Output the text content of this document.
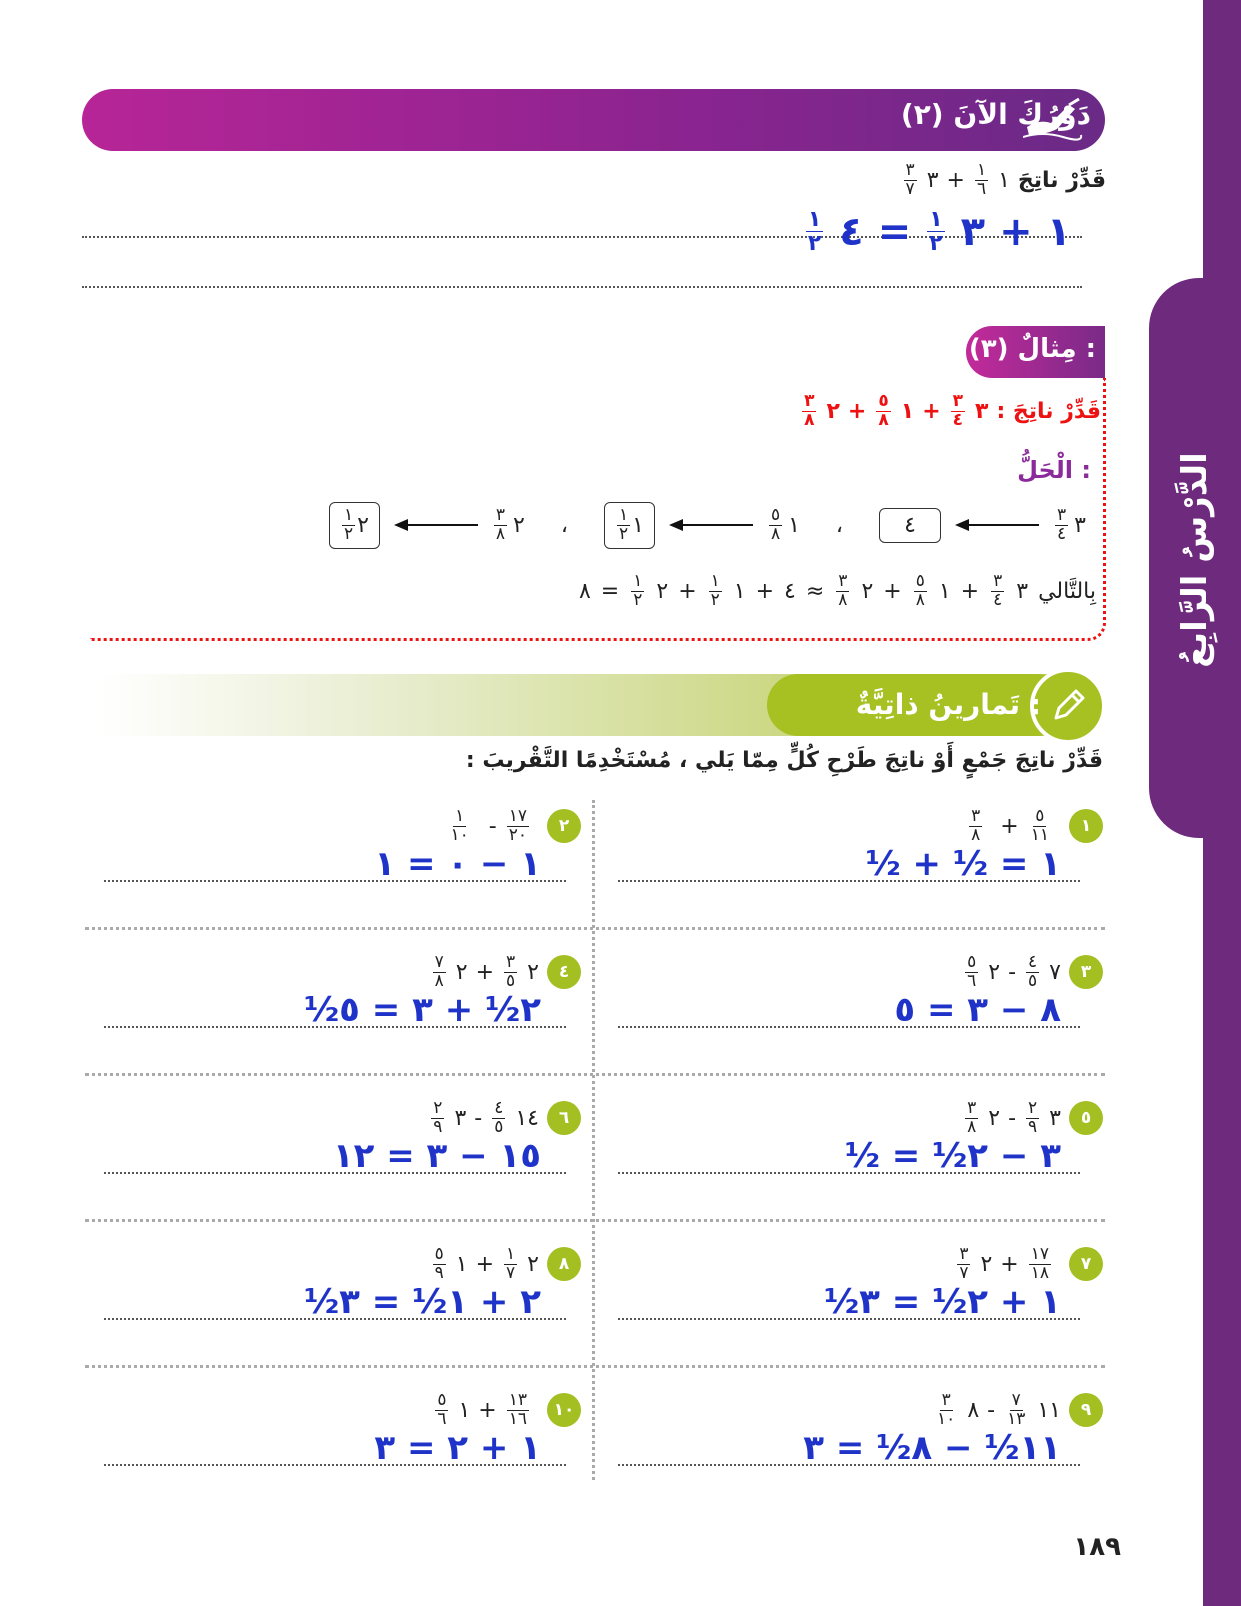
الدَّرْسُ الرَّابِعُ
دَوْرُكَ الآنَ (٢)
قَدِّرْ ناتِجَ
١
$\frac{١}{٦}$
+
٣
$\frac{٣}{٧}$
١
+
٣
$\frac{١}{٢}$
=
٤
$\frac{١}{٢}$
مِثالٌ (٣) :
قَدِّرْ ناتِجَ :
٣
$\frac{٣}{٤}$
+
١
$\frac{٥}{٨}$
+
٢
$\frac{٣}{٨}$
الْحَلُّ :
٣
$\frac{٣}{٤}$
٤
،
١
$\frac{٥}{٨}$
١
$\frac{١}{٢}$
،
٢
$\frac{٣}{٨}$
٢
$\frac{١}{٢}$
بِالتَّالي
٣
$\frac{٣}{٤}$
+
١
$\frac{٥}{٨}$
+
٢
$\frac{٣}{٨}$
≈
٤
+
١
$\frac{١}{٢}$
+
٢
$\frac{١}{٢}$
=
٨
تَمارينُ ذاتِيَّةٌ :
قَدِّرْ ناتِجَ جَمْعٍ أَوْ ناتِجَ طَرْحِ كُلٍّ مِمّا يَلي ، مُسْتَخْدِمًا التَّقْريبَ :
١
$\frac{٥}{١١}$
+
$\frac{٣}{٨}$
١ = ½ + ½
٢
$\frac{١٧}{٢٠}$
-
$\frac{١}{١٠}$
١ − ٠ = ١
٣
٧
$\frac{٤}{٥}$
-
٢
$\frac{٥}{٦}$
٨ − ٣ = ٥
٤
٢
$\frac{٣}{٥}$
+
٢
$\frac{٧}{٨}$
٢½ + ٣ = ٥½
٥
٣
$\frac{٢}{٩}$
-
٢
$\frac{٣}{٨}$
٣ − ٢½ = ½
٦
١٤
$\frac{٤}{٥}$
-
٣
$\frac{٢}{٩}$
١٥ − ٣ = ١٢
٧
$\frac{١٧}{١٨}$
+
٢
$\frac{٣}{٧}$
١ + ٢½ = ٣½
٨
٢
$\frac{١}{٧}$
+
١
$\frac{٥}{٩}$
٢ + ١½ = ٣½
٩
١١
$\frac{٧}{١٣}$
-
٨
$\frac{٣}{١٠}$
١١½ − ٨½ = ٣
١٠
$\frac{١٣}{١٦}$
+
١
$\frac{٥}{٦}$
١ + ٢ = ٣
١٨٩
